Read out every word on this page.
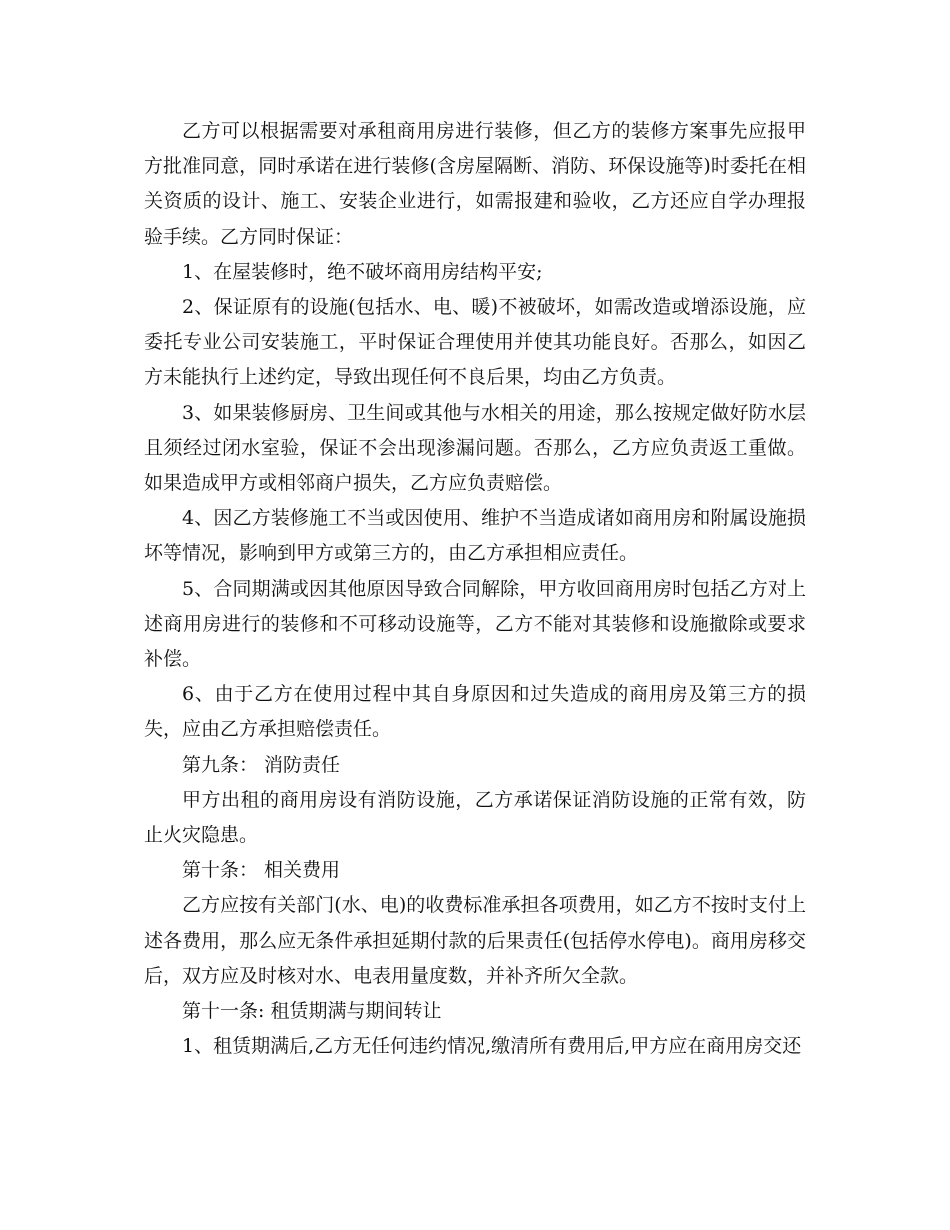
乙方可以根据需要对承租商用房进行装修，但乙方的装修方案事先应报甲方批准同意，同时承诺在进行装修(含房屋隔断、消防、环保设施等)时委托在相关资质的设计、施工、安装企业进行，如需报建和验收，乙方还应自学办理报验手续。乙方同时保证：

1、在屋装修时，绝不破坏商用房结构平安;

2、保证原有的设施(包括水、电、暖)不被破坏，如需改造或增添设施，应委托专业公司安装施工，平时保证合理使用并使其功能良好。否那么，如因乙方未能执行上述约定，导致出现任何不良后果，均由乙方负责。

3、如果装修厨房、卫生间或其他与水相关的用途，那么按规定做好防水层且须经过闭水室验，保证不会出现渗漏问题。否那么，乙方应负责返工重做。如果造成甲方或相邻商户损失，乙方应负责赔偿。

4、因乙方装修施工不当或因使用、维护不当造成诸如商用房和附属设施损坏等情况，影响到甲方或第三方的，由乙方承担相应责任。

5、合同期满或因其他原因导致合同解除，甲方收回商用房时包括乙方对上述商用房进行的装修和不可移动设施等，乙方不能对其装修和设施撤除或要求补偿。

6、由于乙方在使用过程中其自身原因和过失造成的商用房及第三方的损失，应由乙方承担赔偿责任。

第九条： 消防责任

甲方出租的商用房设有消防设施，乙方承诺保证消防设施的正常有效，防止火灾隐患。

第十条： 相关费用

乙方应按有关部门(水、电)的收费标准承担各项费用，如乙方不按时支付上述各费用，那么应无条件承担延期付款的后果责任(包括停水停电)。商用房移交后，双方应及时核对水、电表用量度数，并补齐所欠全款。

第十一条: 租赁期满与期间转让

1、租赁期满后,乙方无任何违约情况,缴清所有费用后,甲方应在商用房交还
